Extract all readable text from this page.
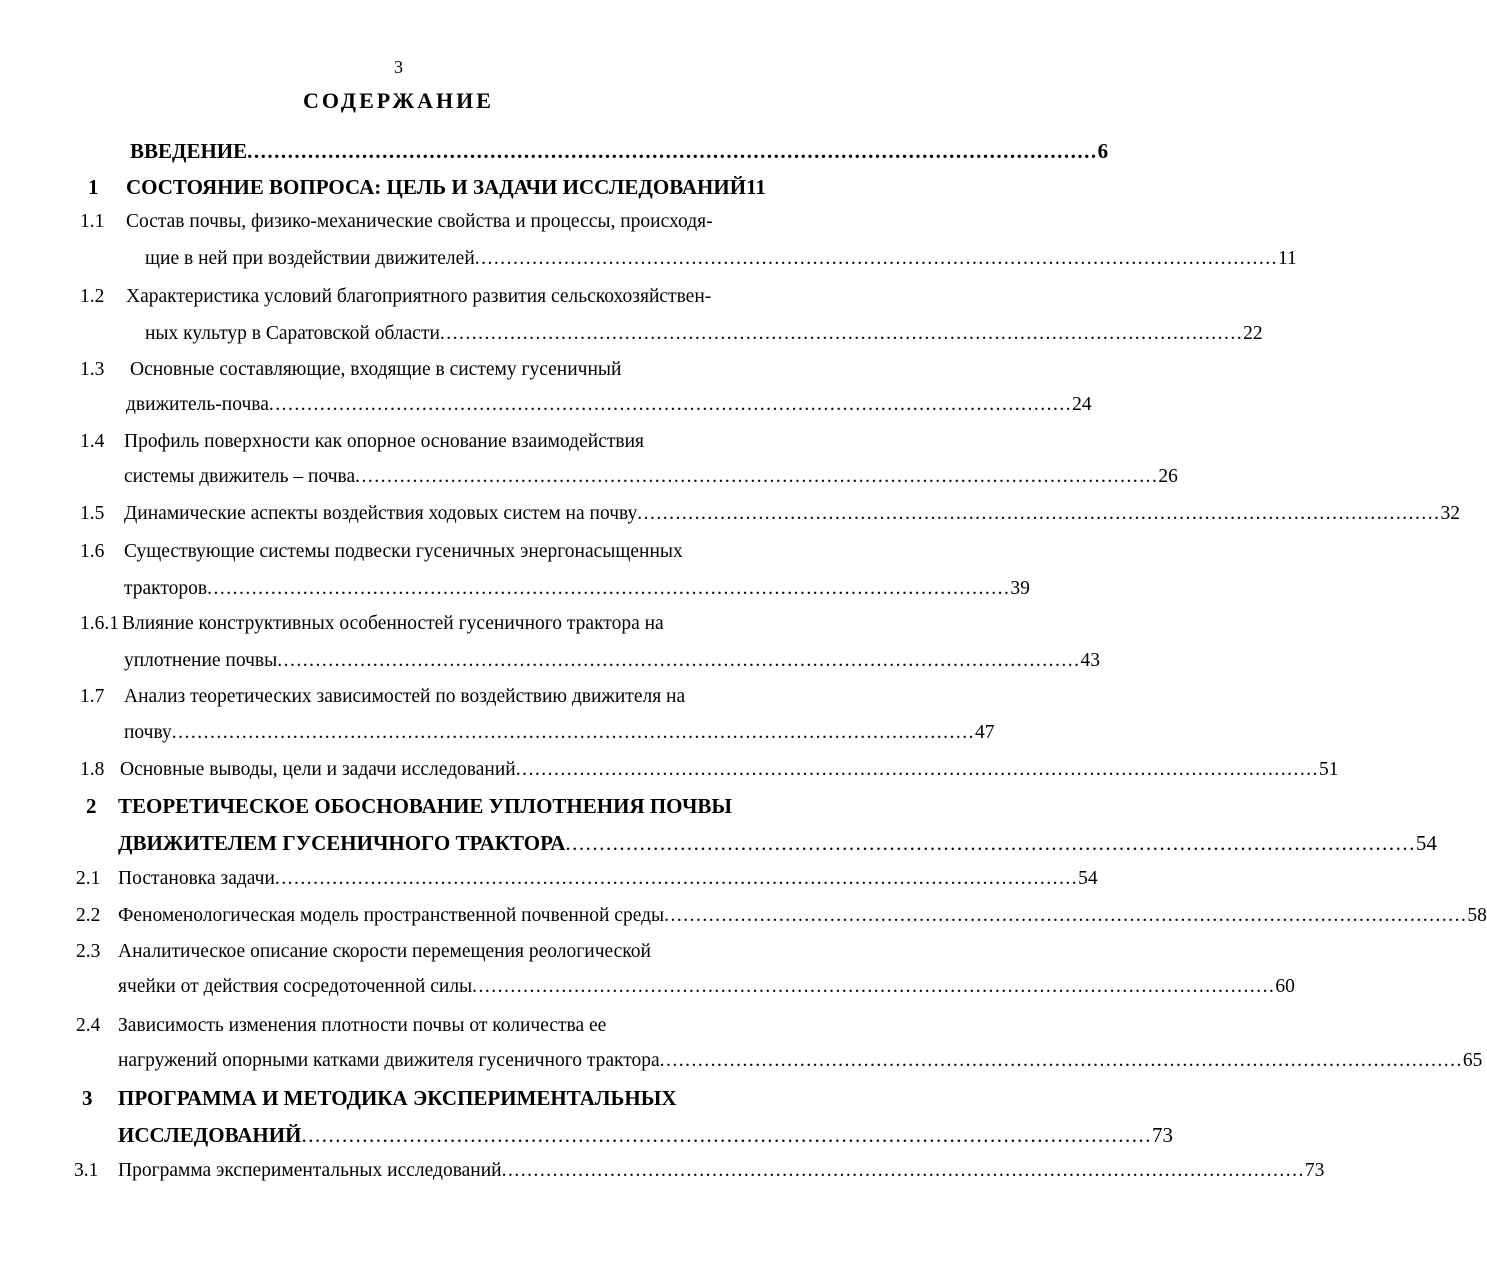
3
СОДЕРЖАНИЕ
ВВЕДЕНИЕ .............................................................................................................................. 6
1 СОСТОЯНИЕ ВОПРОСА: ЦЕЛЬ И ЗАДАЧИ ИССЛЕДОВАНИЙ 11
1.1 Состав почвы, физико-механические свойства и процессы, происходя-
щие в ней при воздействии движителей .............................................................................................................................. 11
1.2 Характеристика условий благоприятного развития сельскохозяйствен-
ных культур в Саратовской области .............................................................................................................................. 22
1.3 Основные составляющие, входящие в систему гусеничный
движитель-почва .............................................................................................................................. 24
1.4 Профиль поверхности как опорное основание взаимодействия
системы движитель – почва .............................................................................................................................. 26
1.5 Динамические аспекты воздействия ходовых систем на почву .............................................................................................................................. 32
1.6 Существующие системы подвески гусеничных энергонасыщенных
тракторов .............................................................................................................................. 39
1.6.1 Влияние конструктивных особенностей гусеничного трактора на
уплотнение почвы .............................................................................................................................. 43
1.7 Анализ теоретических зависимостей по воздействию движителя на
почву .............................................................................................................................. 47
1.8 Основные выводы, цели и задачи исследований .............................................................................................................................. 51
2 ТЕОРЕТИЧЕСКОЕ ОБОСНОВАНИЕ УПЛОТНЕНИЯ ПОЧВЫ
ДВИЖИТЕЛЕМ ГУСЕНИЧНОГО ТРАКТОРА .............................................................................................................................. 54
2.1 Постановка задачи .............................................................................................................................. 54
2.2 Феноменологическая модель пространственной почвенной среды .............................................................................................................................. 58
2.3 Аналитическое описание скорости перемещения реологической
ячейки от действия сосредоточенной силы .............................................................................................................................. 60
2.4 Зависимость изменения плотности почвы от количества ее
нагружений опорными катками движителя гусеничного трактора .............................................................................................................................. 65
3 ПРОГРАММА И МЕТОДИКА ЭКСПЕРИМЕНТАЛЬНЫХ
ИССЛЕДОВАНИЙ .............................................................................................................................. 73
3.1 Программа экспериментальных исследований .............................................................................................................................. 73
